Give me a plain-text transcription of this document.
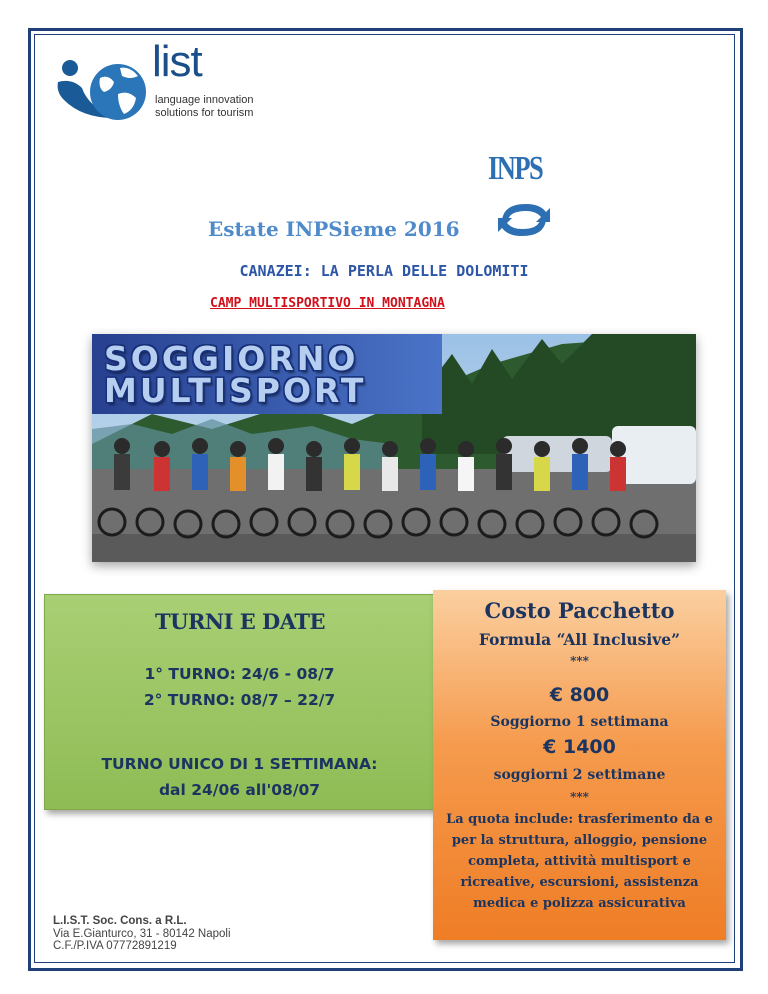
list
language innovation
solutions for tourism
INPS
Estate INPSieme 2016
CANAZEI: LA PERLA DELLE DOLOMITI
CAMP MULTISPORTIVO IN MONTAGNA
SOGGIORNO
MULTISPORT
TURNI E DATE
1° TURNO: 24/6 - 08/7
2° TURNO: 08/7 – 22/7
TURNO UNICO DI 1 SETTIMANA:
dal 24/06 all'08/07
Costo Pacchetto
Formula “All Inclusive”
***
€ 800
Soggiorno 1 settimana
€ 1400
soggiorni 2 settimane
***
La quota include: trasferimento da e
per la struttura, alloggio, pensione
completa, attività multisport e
ricreative, escursioni, assistenza
medica e polizza assicurativa
L.I.S.T. Soc. Cons. a R.L.
Via E.Gianturco, 31 - 80142 Napoli
C.F./P.IVA 07772891219
